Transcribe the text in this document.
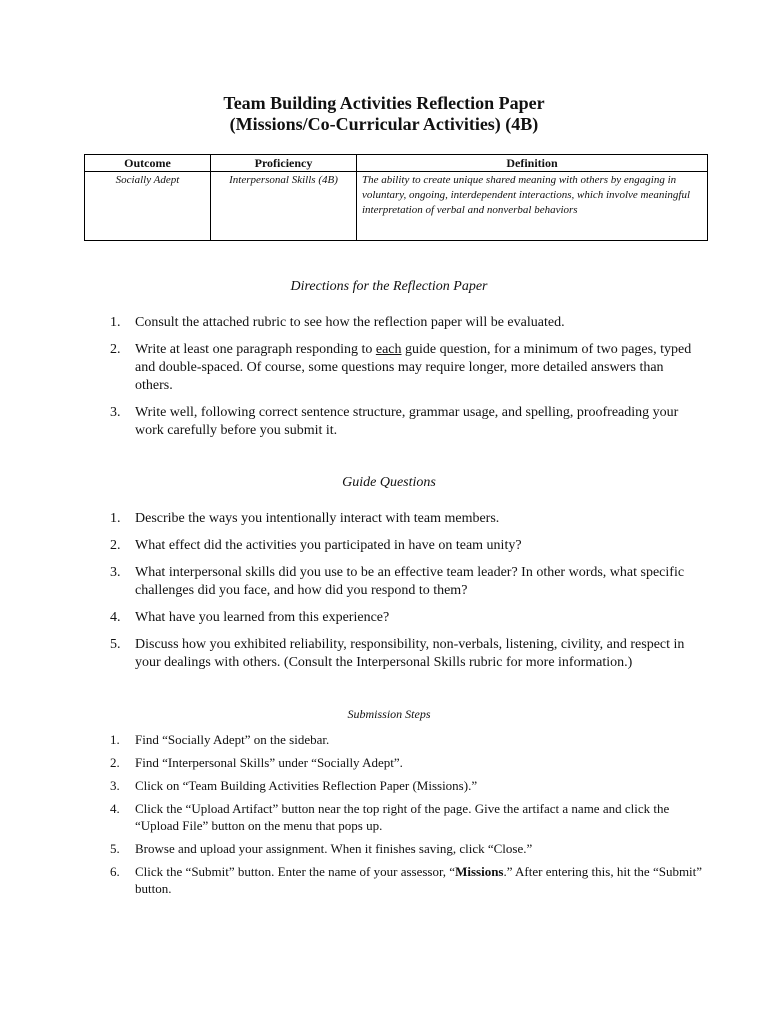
Team Building Activities Reflection Paper
(Missions/Co-Curricular Activities) (4B)
Outcome	Proficiency	Definition
Socially Adept	Interpersonal Skills (4B)	The ability to create unique shared meaning with others by engaging in voluntary, ongoing, interdependent interactions, which involve meaningful interpretation of verbal and nonverbal behaviors
Directions for the Reflection Paper
1. Consult the attached rubric to see how the reflection paper will be evaluated.
2. Write at least one paragraph responding to each guide question, for a minimum of two pages, typed and double-spaced. Of course, some questions may require longer, more detailed answers than others.
3. Write well, following correct sentence structure, grammar usage, and spelling, proofreading your work carefully before you submit it.
Guide Questions
1. Describe the ways you intentionally interact with team members.
2. What effect did the activities you participated in have on team unity?
3. What interpersonal skills did you use to be an effective team leader? In other words, what specific challenges did you face, and how did you respond to them?
4. What have you learned from this experience?
5. Discuss how you exhibited reliability, responsibility, non-verbals, listening, civility, and respect in your dealings with others. (Consult the Interpersonal Skills rubric for more information.)
Submission Steps
1. Find “Socially Adept” on the sidebar.
2. Find “Interpersonal Skills” under “Socially Adept”.
3. Click on “Team Building Activities Reflection Paper (Missions).”
4. Click the “Upload Artifact” button near the top right of the page. Give the artifact a name and click the “Upload File” button on the menu that pops up.
5. Browse and upload your assignment. When it finishes saving, click “Close.”
6. Click the “Submit” button. Enter the name of your assessor, “Missions.” After entering this, hit the “Submit” button.
